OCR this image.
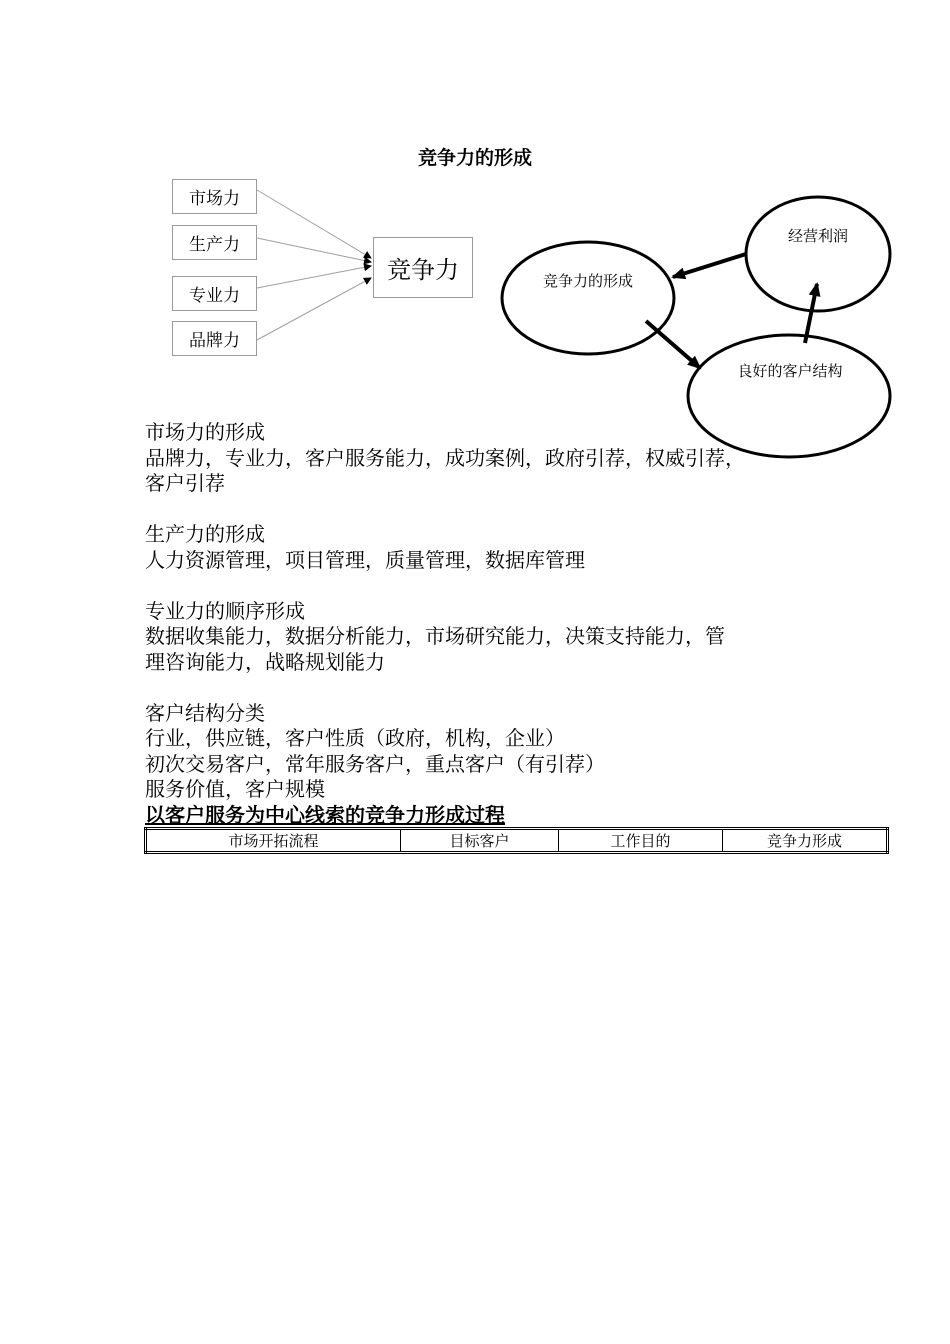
竞争力的形成
市场力
生产力
专业力
品牌力
竞争力	竞争力的形成
经营利润
良好的客户结构

市场力的形成

品牌力，专业力，客户服务能力，成功案例，政府引荐，权威引荐，

客户引荐

生产力的形成

人力资源管理，项目管理，质量管理，数据库管理

专业力的顺序形成

数据收集能力，数据分析能力，市场研究能力，决策支持能力，管

理咨询能力，战略规划能力

客户结构分类

行业，供应链，客户性质（政府，机构，企业）

初次交易客户，常年服务客户，重点客户（有引荐）

服务价值，客户规模

以客户服务为中心线索的竞争力形成过程

市场开拓流程	目标客户	工作目的	竞争力形成
